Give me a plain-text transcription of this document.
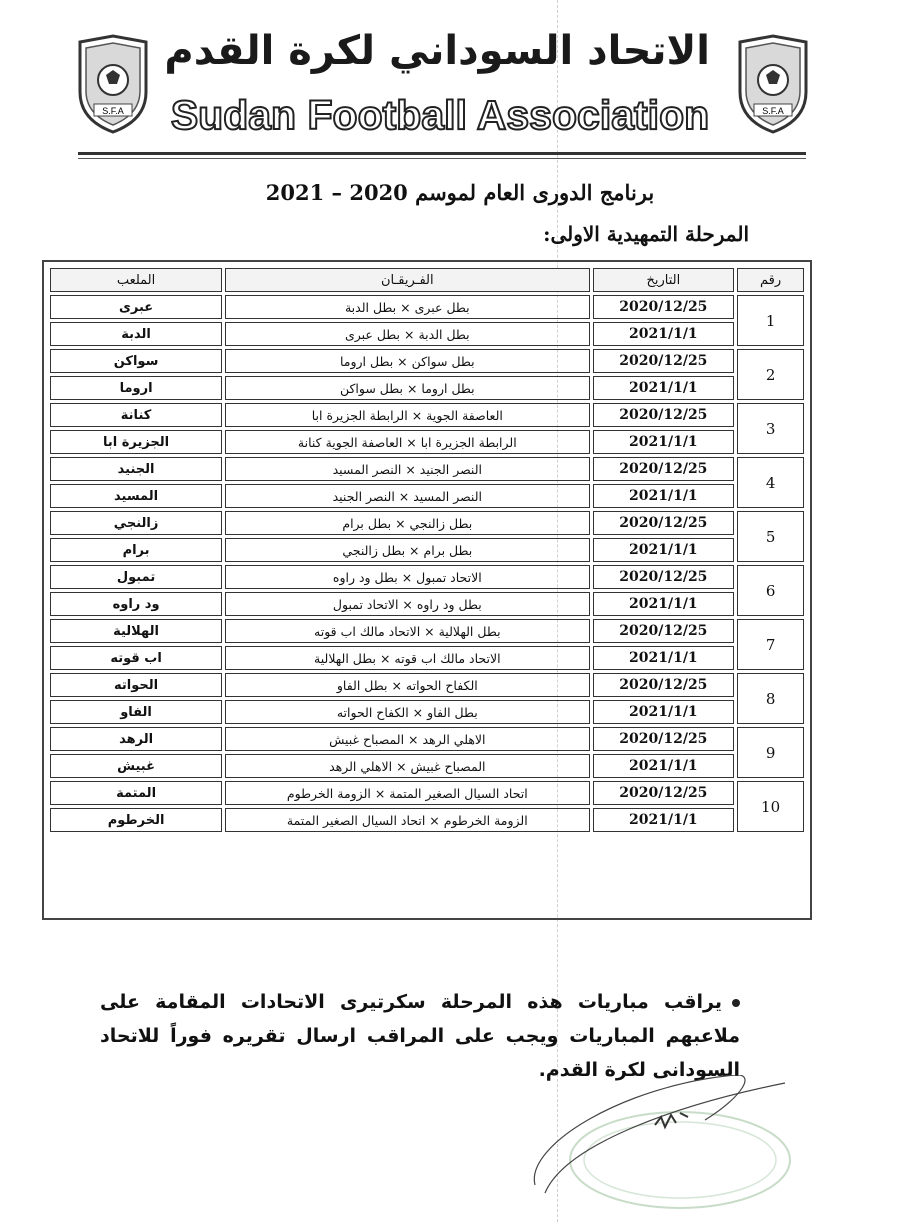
S.F.A
الاتحاد السوداني لكرة القدم
Sudan Football Association	S.F.A
برنامج الدورى العام لموسم 2020 – 2021
المرحلة التمهيدية الاولى:
رقم	التاريخ	الفـريقـان	الملعب
1	2020/12/25	بطل عبرى × بطل الدبة	عبرى
	2021/1/1	بطل الدبة × بطل عبرى	الدبة
2	2020/12/25	بطل سواكن × بطل اروما	سواكن
	2021/1/1	بطل اروما × بطل سواكن	اروما
3	2020/12/25	العاصفة الجوية × الرابطة الجزيرة ابا	كنانة
	2021/1/1	الرابطة الجزيرة ابا × العاصفة الجوية كنانة	الجزيرة ابا
4	2020/12/25	النصر الجنيد × النصر المسيد	الجنيد
	2021/1/1	النصر المسيد × النصر الجنيد	المسيد
5	2020/12/25	بطل زالنجي × بطل برام	زالنجي
	2021/1/1	بطل برام × بطل زالنجي	برام
6	2020/12/25	الاتحاد تمبول × بطل ود راوه	تمبول
	2021/1/1	بطل ود راوه × الاتحاد تمبول	ود راوه
7	2020/12/25	بطل الهلالية × الاتحاد مالك اب قوته	الهلالية
	2021/1/1	الاتحاد مالك اب قوته × بطل الهلالية	اب قوته
8	2020/12/25	الكفاح الحواته × بطل الفاو	الحواته
	2021/1/1	بطل الفاو × الكفاح الحواته	الفاو
9	2020/12/25	الاهلي الرهد × المصباح غبيش	الرهد
	2021/1/1	المصباح غبيش × الاهلي الرهد	غبيش
10	2020/12/25	اتحاد السيال الصغير المتمة × الزومة الخرطوم	المتمة
	2021/1/1	الزومة الخرطوم × اتحاد السيال الصغير المتمة	الخرطوم
يراقب مباريات هذه المرحلة سكرتيرى الاتحادات المقامة على ملاعبهم المباريات ويجب على المراقب ارسال تقريره فوراً للاتحاد السودانى لكرة القدم.
